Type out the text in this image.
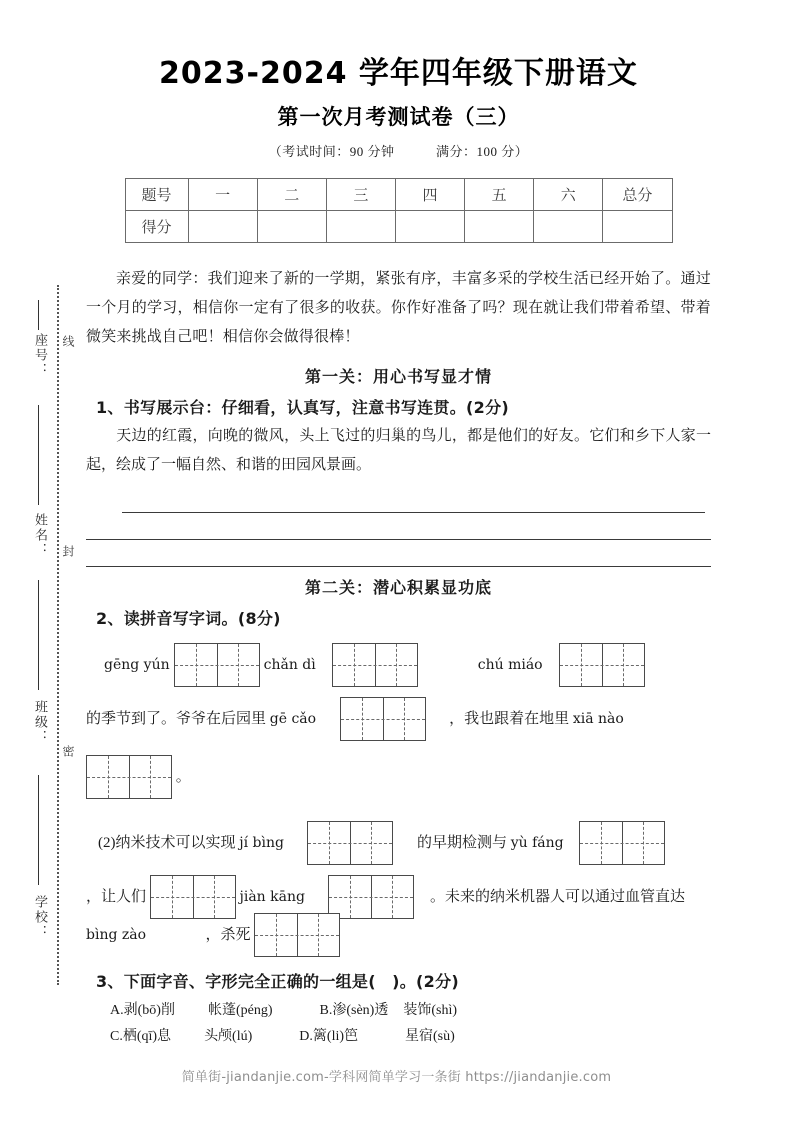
座号：
姓名：
班级：
学校：
线
封
密
2023-2024 学年四年级下册语文
第一次月考测试卷（三）
（考试时间：90 分钟	满分：100 分）
题号	一	二	三	四	五	六	总分
得分							
亲爱的同学：我们迎来了新的一学期，紧张有序，丰富多采的学校生活已经开始了。通过一个月的学习，相信你一定有了很多的收获。你作好准备了吗？现在就让我们带着希望、带着微笑来挑战自己吧！相信你会做得很棒！
第一关：用心书写显才情
1、书写展示台：仔细看，认真写，注意书写连贯。(2分)
天边的红霞，向晚的微风，头上飞过的归巢的鸟儿，都是他们的好友。它们和乡下人家一起，绘成了一幅自然、和谐的田园风景画。
第二关：潜心积累显功底
2、读拼音写字词。(8分)
gēng yún	chǎn dì	chú miáo
的季节到了。爷爷在后园里 gē cǎo	，我也跟着在地里 xiā nào
。
(2)纳米技术可以实现 jí bìng	的早期检测与 yù fáng
，让人们	jiàn kāng	。未来的纳米机器人可以通过血管直达
bìng zào	，杀死
3、下面字音、字形完全正确的一组是(　)。(2分)
A.剥(bō)削 帐蓬(péng)	B.渗(sèn)透 装饰(shì)
C.栖(qī)息 头颅(lú)	D.篱(li)笆	星宿(sù)
简单街-jiandanjie.com-学科网简单学习一条街 https://jiandanjie.com
